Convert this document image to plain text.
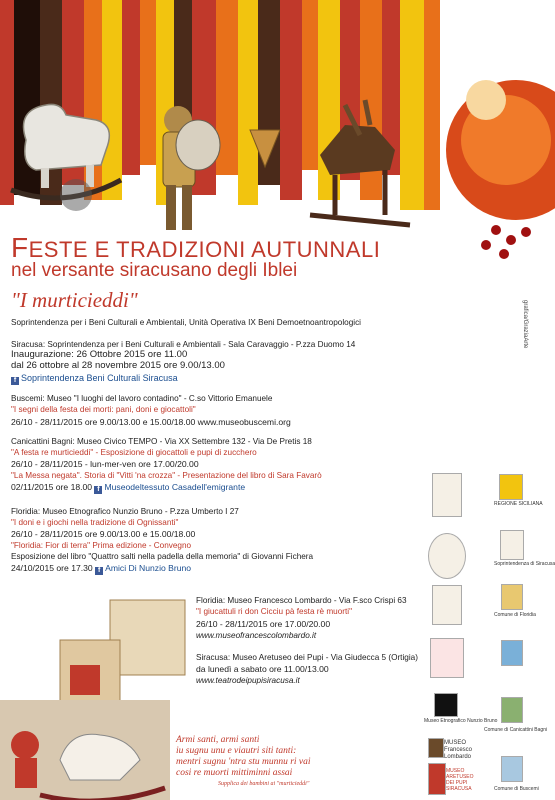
FESTE E TRADIZIONI AUTUNNALI
nel versante siracusano degli Iblei
"I murticieddi"
Soprintendenza per i Beni Culturali e Ambientali, Unità Operativa IX Beni Demoetnoantropologici
Siracusa: Soprintendenza per i Beni Culturali e Ambientali - Sala Caravaggio - P.zza Duomo 14
Inaugurazione: 26 Ottobre 2015 ore 11.00
dal 26 ottobre al 28 novembre 2015 ore 9.00/13.00
f Soprintendenza Beni Culturali Siracusa
Buscemi: Museo "I luoghi del lavoro contadino" - C.so Vittorio Emanuele
"I segni della festa dei morti: pani, doni e giocattoli"
26/10 - 28/11/2015 ore 9.00/13.00 e 15.00/18.00 www.museobuscemi.org
Canicattini Bagni: Museo Civico TEMPO - Via XX Settembre 132 - Via De Pretis 18
"A festa re murticieddi" - Esposizione di giocattoli e pupi di zucchero
26/10 - 28/11/2015 - lun-mer-ven ore 17.00/20.00
"La Messa negata". Storia di "Vitti 'na crozza" - Presentazione del libro di Sara Favarò
02/11/2015 ore 18.00 f Museodeltessuto Casadell'emigrante
Floridia: Museo Etnografico Nunzio Bruno - P.zza Umberto I 27
"I doni e i giochi nella tradizione di Ognissanti"
26/10 - 28/11/2015 ore 9.00/13.00 e 15.00/18.00
"Floridia: Fior di terra" Prima edizione - Convegno
Esposizione del libro "Quattro salti nella padella della memoria" di Giovanni Fichera
24/10/2015 ore 17.30 f Amici Di Nunzio Bruno
Floridia: Museo Francesco Lombardo - Via F.sco Crispi 63
"I giucattuli ri don Cicciu pà festa rè muorti"
26/10 - 28/11/2015 ore 17.00/20.00
www.museofrancescolombardo.it
Siracusa: Museo Aretuseo dei Pupi - Via Giudecca 5 (Ortigia)
da lunedì a sabato ore 11.00/13.00
www.teatrodeipupisiracusa.it
Armi santi, armi santi
iu sugnu unu e viautri siti tanti:
mentri sugnu 'ntra stu munnu ri vai
cosi re muorti mittiminni assai
Supplica dei bambini ai "murticieddi"
grafica/GraziaArte
Museo Etnografico Nunzio Bruno
MUSEO Francesco Lombardo
MUSEO ARETUSEO DEI PUPI SIRACUSA
REGIONE SICILIANA
Soprintendenza di Siracusa
Comune di Floridia
Comune di Canicattini Bagni
Comune di Buscemi
